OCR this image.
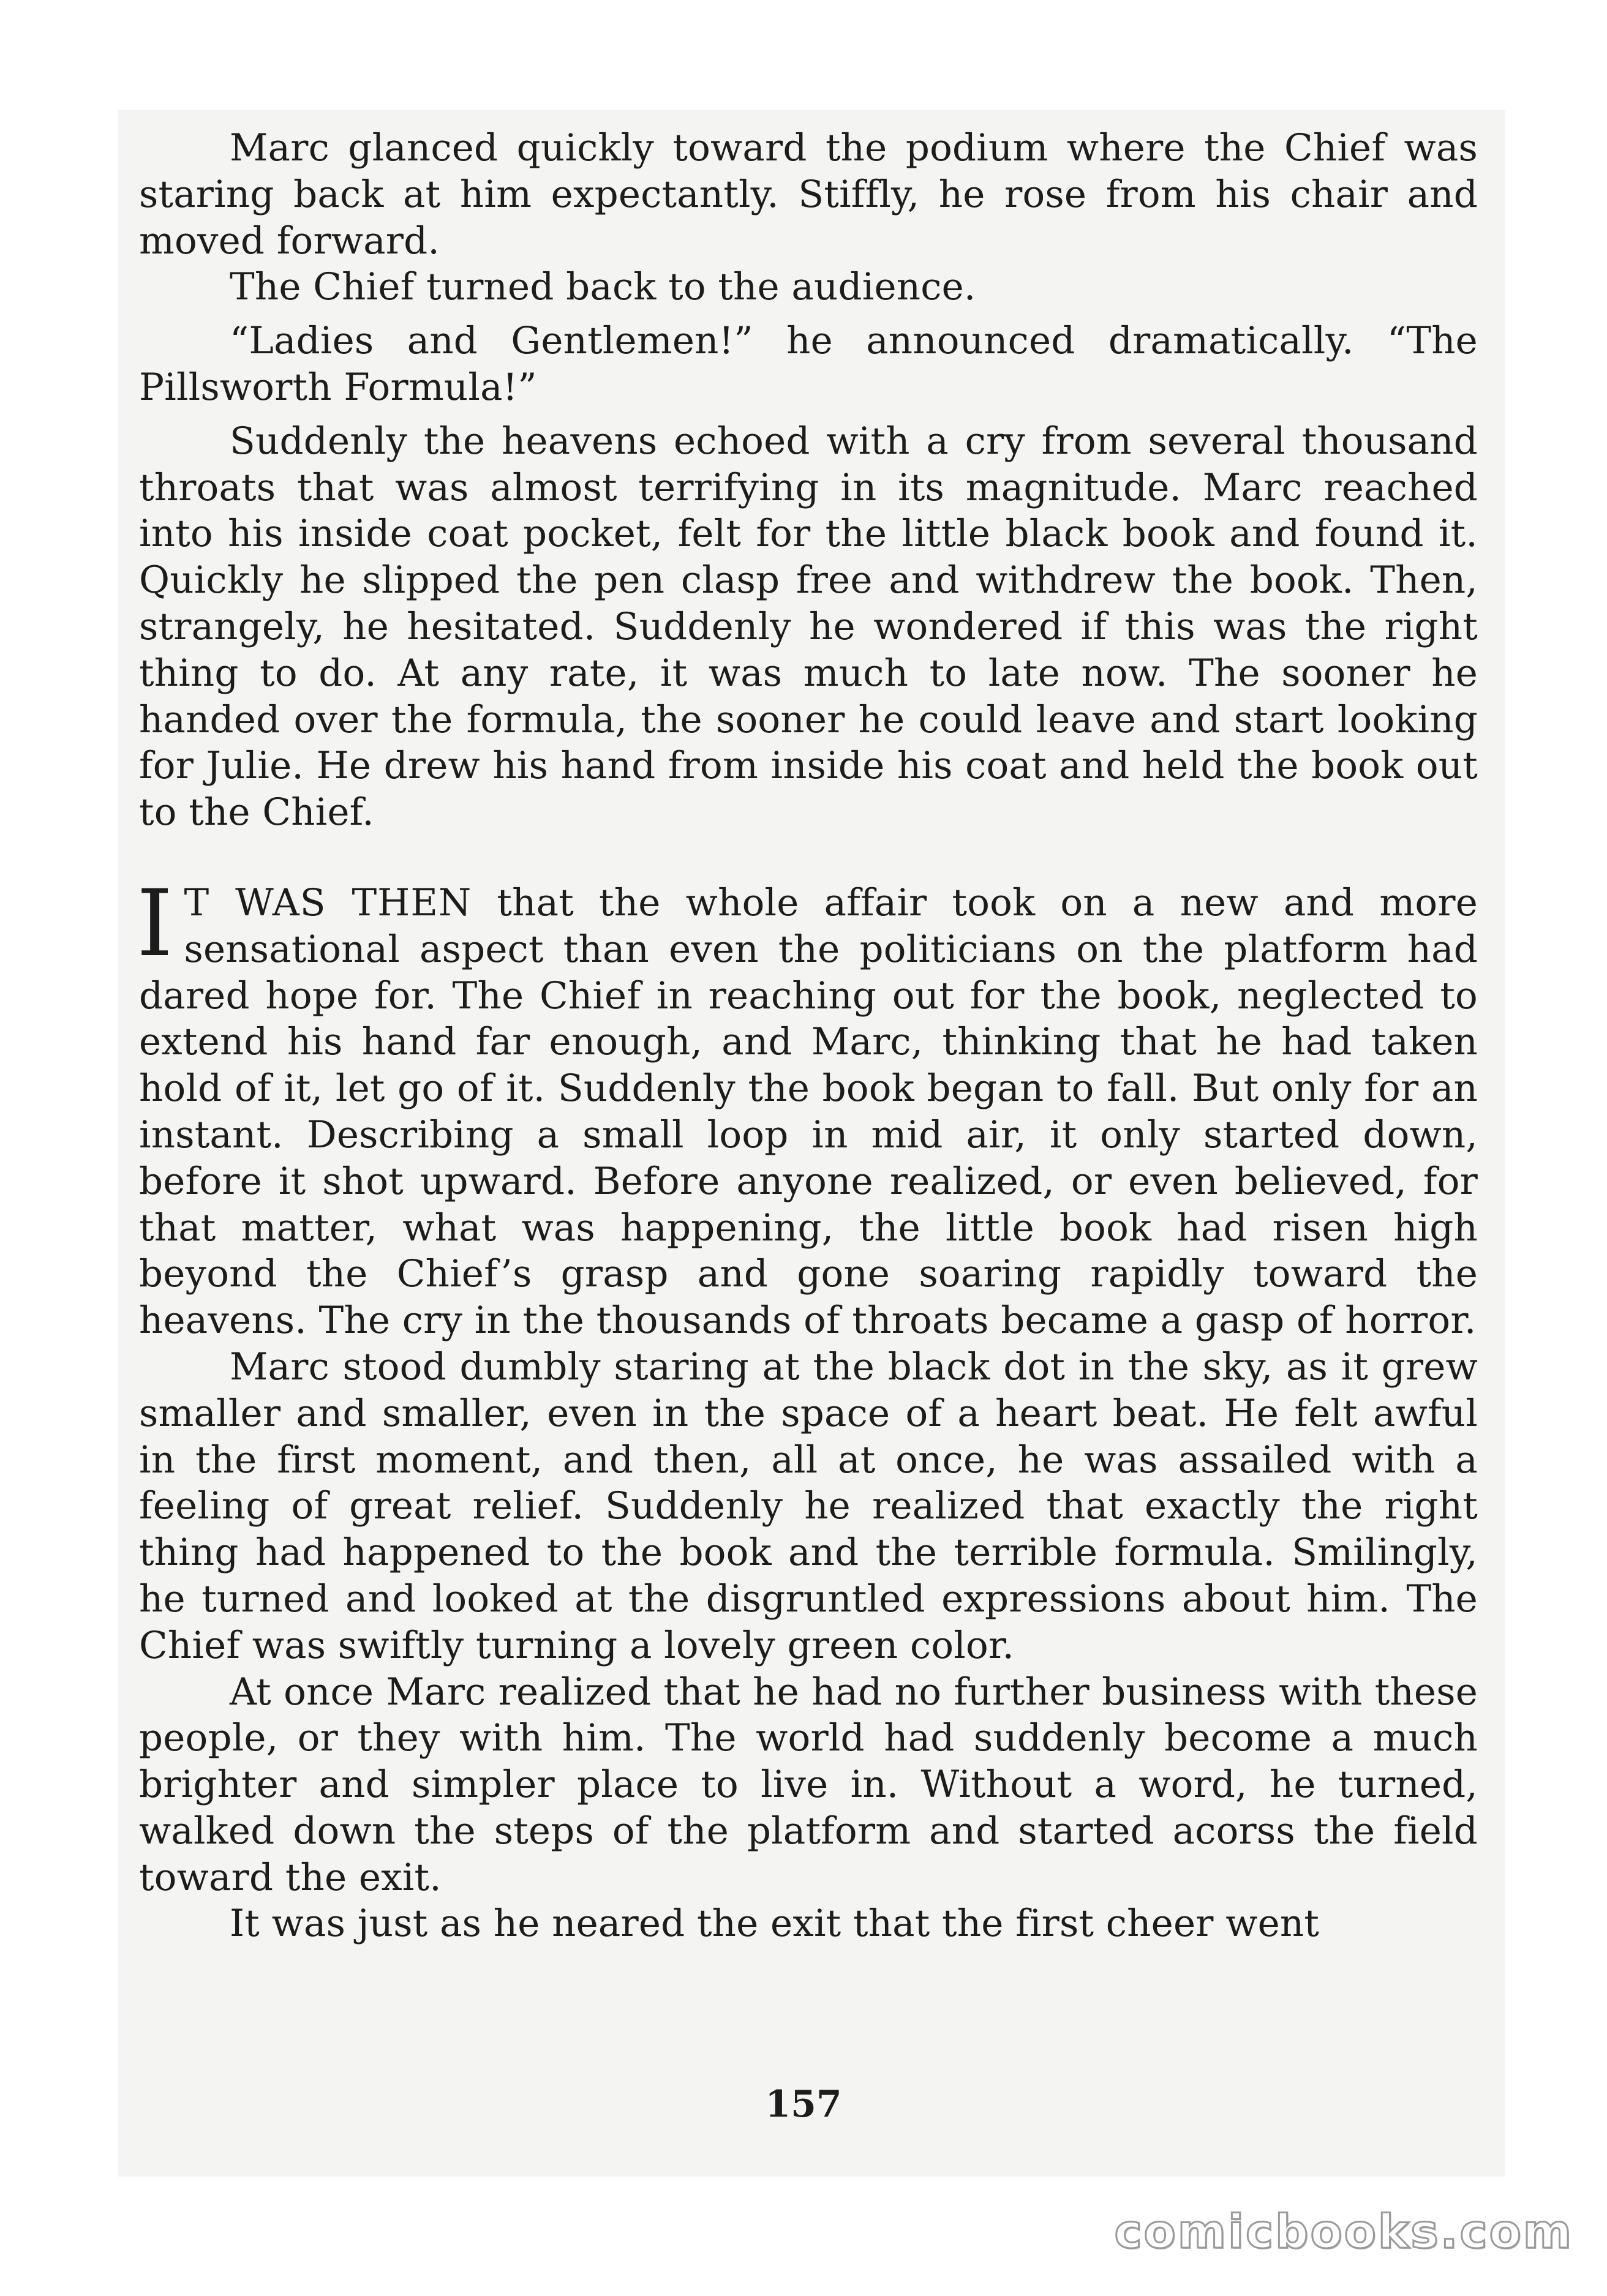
Marc glanced quickly toward the podium where the Chief was staring back at him expectantly. Stiffly, he rose from his chair and moved forward.

The Chief turned back to the audience.

“Ladies and Gentlemen!” he announced dramatically. “The Pillsworth Formula!”

Suddenly the heavens echoed with a cry from several thousand throats that was almost terrifying in its magnitude. Marc reached into his inside coat pocket, felt for the little black book and found it. Quickly he slipped the pen clasp free and withdrew the book. Then, strangely, he hesitated. Suddenly he wondered if this was the right thing to do. At any rate, it was much to late now. The sooner he handed over the formula, the sooner he could leave and start looking for Julie. He drew his hand from inside his coat and held the book out to the Chief.

I T WAS THEN that the whole affair took on a new and more sensational aspect than even the politicians on the platform had dared hope for. The Chief in reaching out for the book, neglected to extend his hand far enough, and Marc, thinking that he had taken hold of it, let go of it. Suddenly the book began to fall. But only for an instant. Describing a small loop in mid air, it only started down, before it shot upward. Before anyone realized, or even believed, for that matter, what was happening, the little book had risen high beyond the Chief’s grasp and gone soaring rapidly toward the heavens. The cry in the thousands of throats became a gasp of horror.

Marc stood dumbly staring at the black dot in the sky, as it grew smaller and smaller, even in the space of a heart beat. He felt awful in the first moment, and then, all at once, he was assailed with a feeling of great relief. Suddenly he realized that exactly the right thing had happened to the book and the terrible formula. Smilingly, he turned and looked at the disgruntled expressions about him. The Chief was swiftly turning a lovely green color.

At once Marc realized that he had no further business with these people, or they with him. The world had suddenly become a much brighter and simpler place to live in. Without a word, he turned, walked down the steps of the platform and started acorss the field toward the exit.

It was just as he neared the exit that the first cheer went

157
comicbooks.com
